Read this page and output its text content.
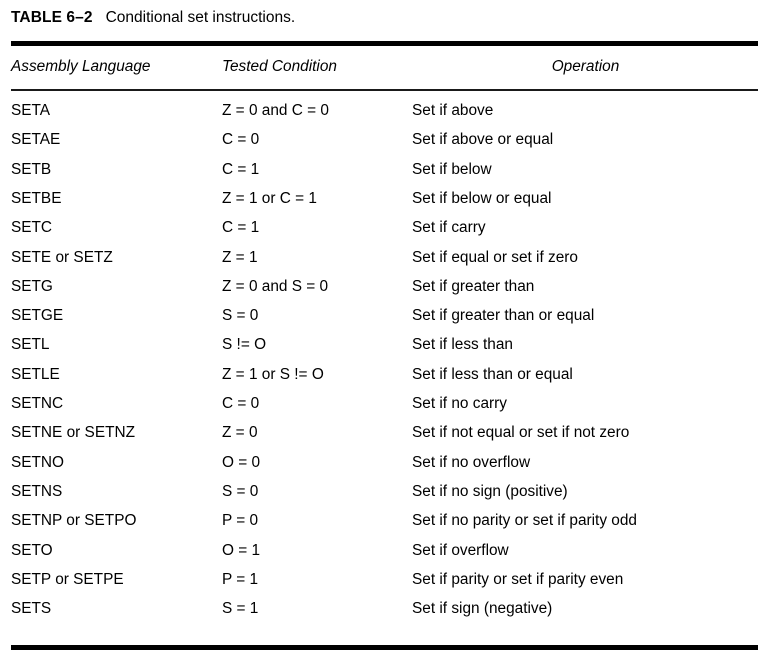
TABLE 6–2 Conditional set instructions.
Assembly Language	Tested Condition	Operation
SETA	Z = 0 and C = 0	Set if above
SETAE	C = 0	Set if above or equal
SETB	C = 1	Set if below
SETBE	Z = 1 or C = 1	Set if below or equal
SETC	C = 1	Set if carry
SETE or SETZ	Z = 1	Set if equal or set if zero
SETG	Z = 0 and S = 0	Set if greater than
SETGE	S = 0	Set if greater than or equal
SETL	S != O	Set if less than
SETLE	Z = 1 or S != O	Set if less than or equal
SETNC	C = 0	Set if no carry
SETNE or SETNZ	Z = 0	Set if not equal or set if not zero
SETNO	O = 0	Set if no overflow
SETNS	S = 0	Set if no sign (positive)
SETNP or SETPO	P = 0	Set if no parity or set if parity odd
SETO	O = 1	Set if overflow
SETP or SETPE	P = 1	Set if parity or set if parity even
SETS	S = 1	Set if sign (negative)
